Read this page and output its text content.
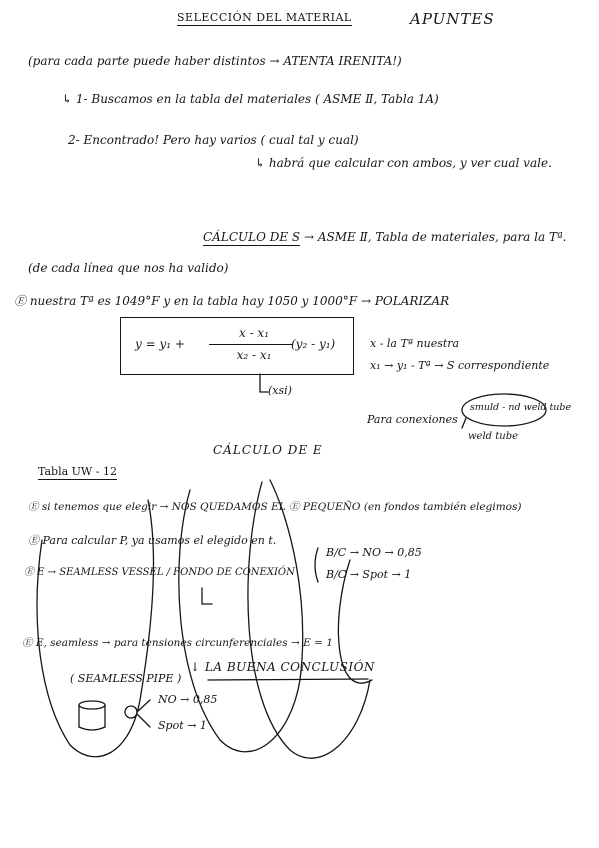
SELECCIÓN DEL MATERIAL	APUNTES
(para cada parte puede haber distintos → ATENTA IRENITA!)
↳ 1- Buscamos en la tabla del materiales ( ASME Ⅱ, Tabla 1A)
2- Encontrado! Pero hay varios ( cual tal y cual)
↳ habrá que calcular con ambos, y ver cual vale.
CÁLCULO DE S → ASME Ⅱ, Tabla de materiales, para la Tª.
(de cada línea que nos ha valido)
Ⓔ nuestra Tª es 1049°F y en la tabla hay 1050 y 1000°F → POLARIZAR
y = y₁ +
x - x₁
x₂ - x₁
(y₂ - y₁)
(xsi)
x - la Tª nuestra
x₁ → y₁ - Tª → S correspondiente
Para conexiones
smuld - nd weld tube
weld tube
CÁLCULO DE E
Tabla UW - 12
Ⓔ si tenemos que elegir → NOS QUEDAMOS EL Ⓔ PEQUEÑO (en fondos también elegimos)
Ⓔ Para calcular P, ya usamos el elegido en t.
Ⓔ E → SEAMLESS VESSEL / FONDO DE CONEXIÓN
B/C → NO → 0,85
B/C → Spot → 1
Ⓔ E, seamless → para tensiones circunferenciales → E = 1
↓ LA BUENA CONCLUSIÓN
( SEAMLESS PIPE )
NO → 0,85
Spot → 1
